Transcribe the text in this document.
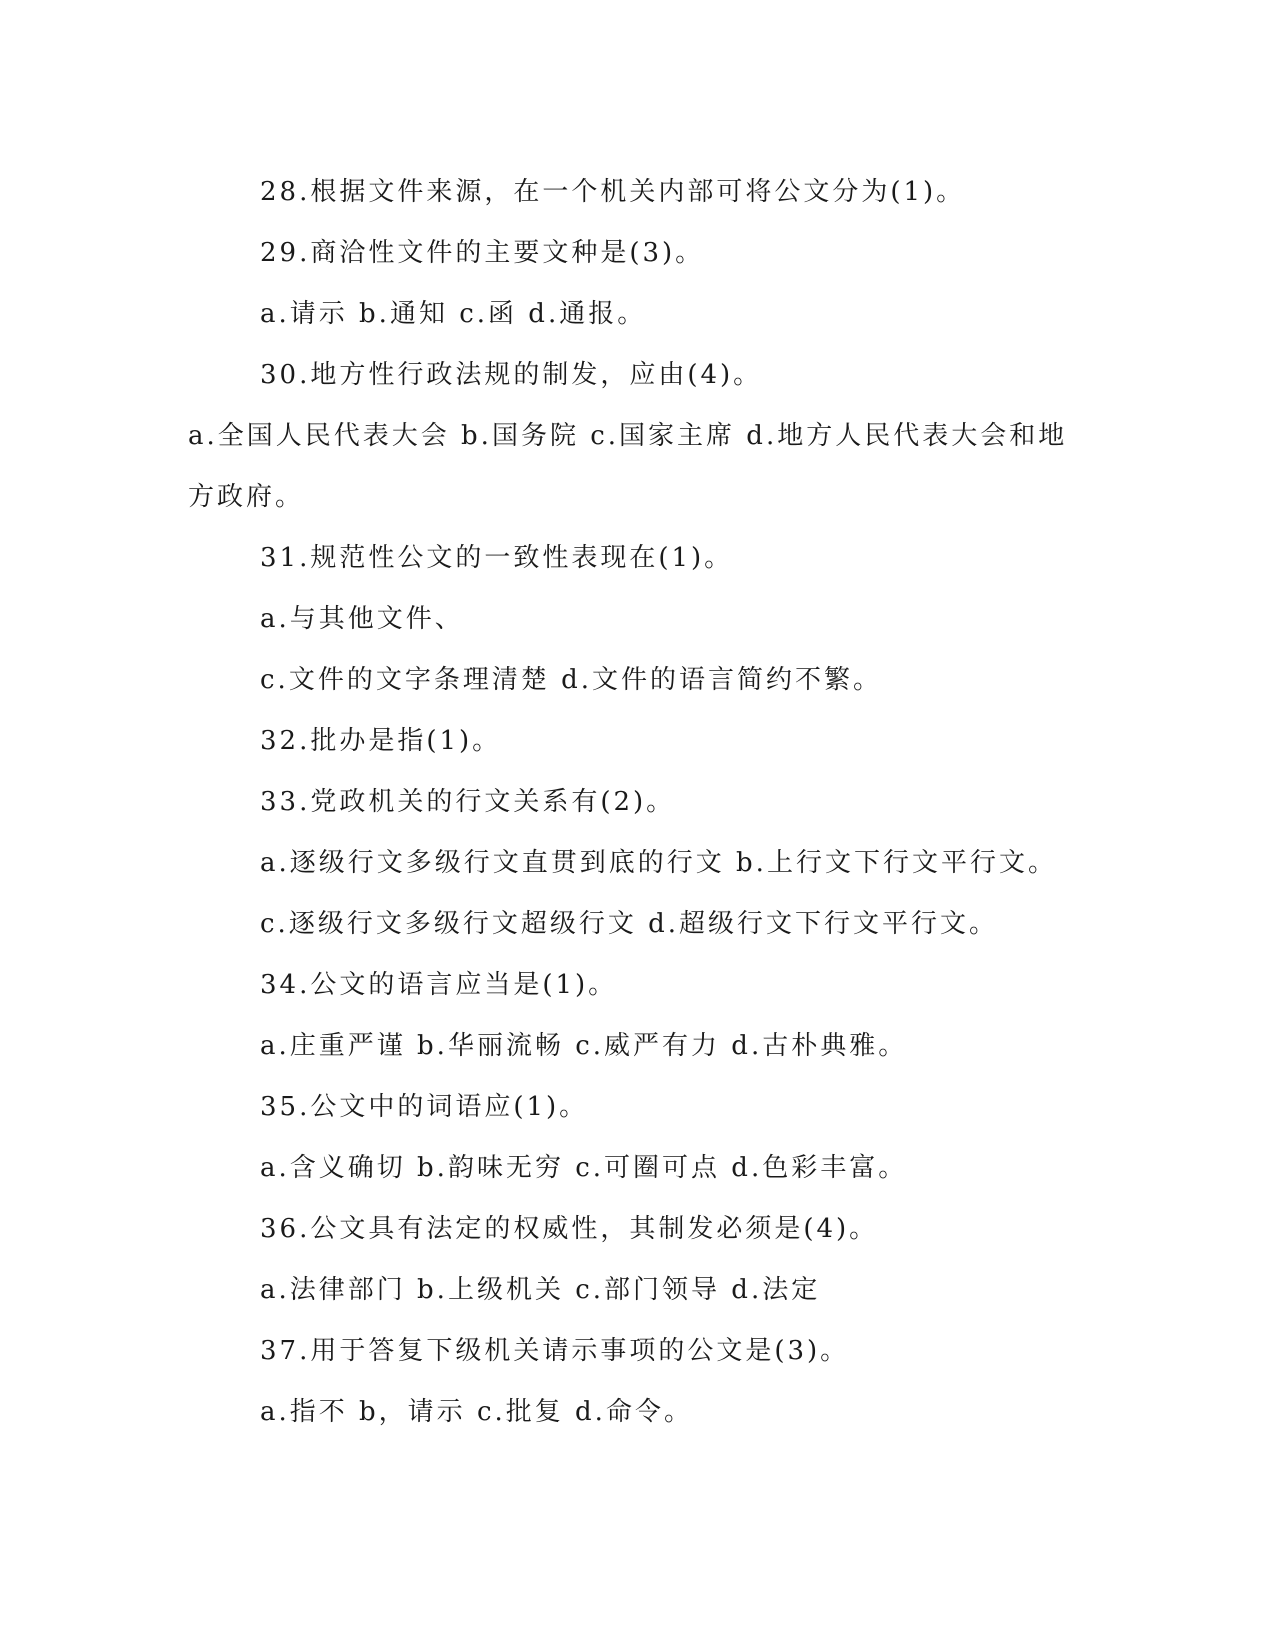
28.根据文件来源，在一个机关内部可将公文分为(1)。

29.商洽性文件的主要文种是(3)。

a.请示 b.通知 c.函 d.通报。

30.地方性行政法规的制发，应由(4)。

a.全国人民代表大会 b.国务院 c.国家主席 d.地方人民代表大会和地方政府。

31.规范性公文的一致性表现在(1)。

a.与其他文件、

c.文件的文字条理清楚 d.文件的语言简约不繁。

32.批办是指(1)。

33.党政机关的行文关系有(2)。

a.逐级行文多级行文直贯到底的行文 b.上行文下行文平行文。

c.逐级行文多级行文超级行文 d.超级行文下行文平行文。

34.公文的语言应当是(1)。

a.庄重严谨 b.华丽流畅 c.威严有力 d.古朴典雅。

35.公文中的词语应(1)。

a.含义确切 b.韵味无穷 c.可圈可点 d.色彩丰富。

36.公文具有法定的权威性，其制发必须是(4)。

a.法律部门 b.上级机关 c.部门领导 d.法定

37.用于答复下级机关请示事项的公文是(3)。

a.指不 b，请示 c.批复 d.命令。
